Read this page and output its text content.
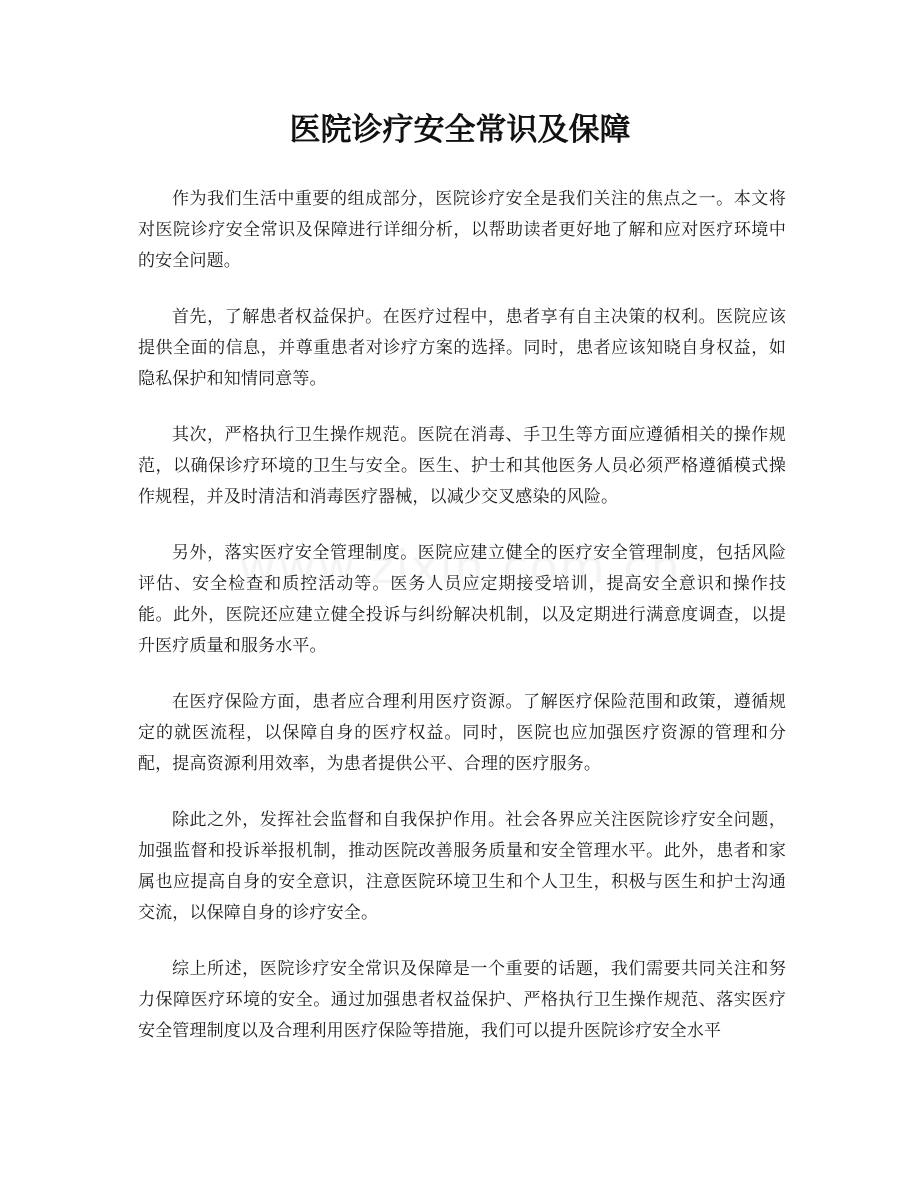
医院诊疗安全常识及保障

作为我们生活中重要的组成部分，医院诊疗安全是我们关注的焦点之一。本文将对医院诊疗安全常识及保障进行详细分析，以帮助读者更好地了解和应对医疗环境中的安全问题。

首先，了解患者权益保护。在医疗过程中，患者享有自主决策的权利。医院应该提供全面的信息，并尊重患者对诊疗方案的选择。同时，患者应该知晓自身权益，如隐私保护和知情同意等。

其次，严格执行卫生操作规范。医院在消毒、手卫生等方面应遵循相关的操作规范，以确保诊疗环境的卫生与安全。医生、护士和其他医务人员必须严格遵循模式操作规程，并及时清洁和消毒医疗器械，以减少交叉感染的风险。

另外，落实医疗安全管理制度。医院应建立健全的医疗安全管理制度，包括风险评估、安全检查和质控活动等。医务人员应定期接受培训，提高安全意识和操作技能。此外，医院还应建立健全投诉与纠纷解决机制，以及定期进行满意度调查，以提升医疗质量和服务水平。

在医疗保险方面，患者应合理利用医疗资源。了解医疗保险范围和政策，遵循规定的就医流程，以保障自身的医疗权益。同时，医院也应加强医疗资源的管理和分配，提高资源利用效率，为患者提供公平、合理的医疗服务。

除此之外，发挥社会监督和自我保护作用。社会各界应关注医院诊疗安全问题，加强监督和投诉举报机制，推动医院改善服务质量和安全管理水平。此外，患者和家属也应提高自身的安全意识，注意医院环境卫生和个人卫生，积极与医生和护士沟通交流，以保障自身的诊疗安全。

综上所述，医院诊疗安全常识及保障是一个重要的话题，我们需要共同关注和努力保障医疗环境的安全。通过加强患者权益保护、严格执行卫生操作规范、落实医疗安全管理制度以及合理利用医疗保险等措施，我们可以提升医院诊疗安全水平
